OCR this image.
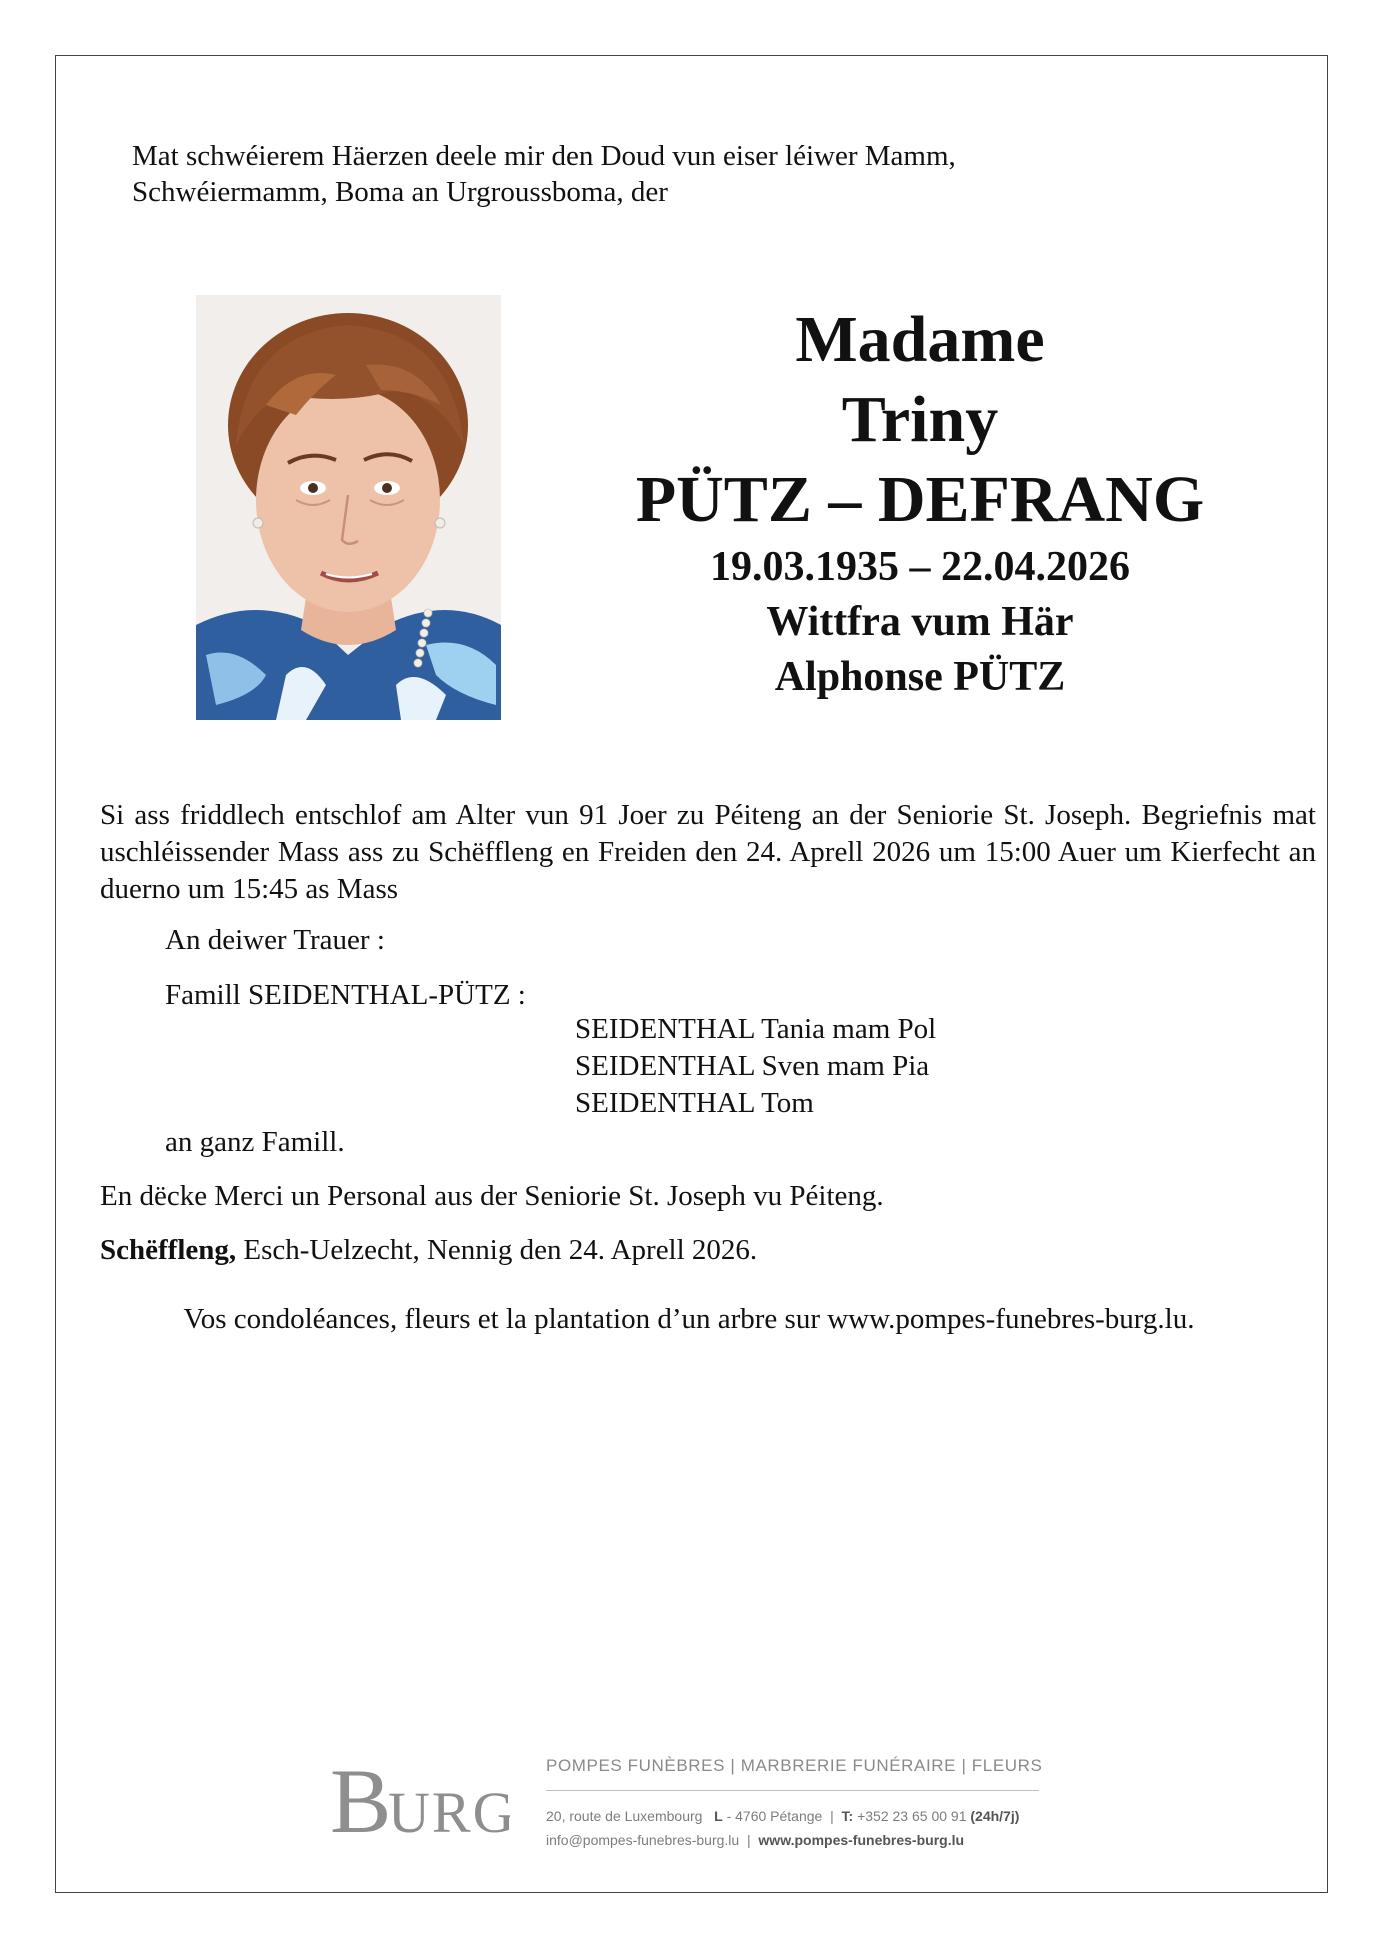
Mat schwéierem Häerzen deele mir den Doud vun eiser léiwer Mamm,
Schwéiermamm, Boma an Urgroussboma, der
Madame
Triny
PÜTZ – DEFRANG
19.03.1935 – 22.04.2026
Wittfra vum Här
Alphonse PÜTZ
Si ass friddlech entschlof am Alter vun 91 Joer zu Péiteng an der Seniorie St. Joseph. Begriefnis mat uschléissender Mass ass zu Schëffleng en Freiden den 24. Aprell 2026 um 15:00 Auer um Kierfecht an duerno um 15:45 as Mass
An deiwer Trauer :
Famill SEIDENTHAL-PÜTZ :
SEIDENTHAL Tania mam Pol
SEIDENTHAL Sven mam Pia
SEIDENTHAL Tom
an ganz Famill.
En dëcke Merci un Personal aus der Seniorie St. Joseph vu Péiteng.
Schëffleng, Esch-Uelzecht, Nennig den 24. Aprell 2026.
Vos condoléances, fleurs et la plantation d’un arbre sur www.pompes-funebres-burg.lu.
B
URG
POMPES FUNÈBRES | MARBRERIE FUNÉRAIRE | FLEURS
20, route de Luxembourg L - 4760 Pétange  |  T: +352 23 65 00 91 (24h/7j)
info@pompes-funebres-burg.lu  |  www.pompes-funebres-burg.lu
